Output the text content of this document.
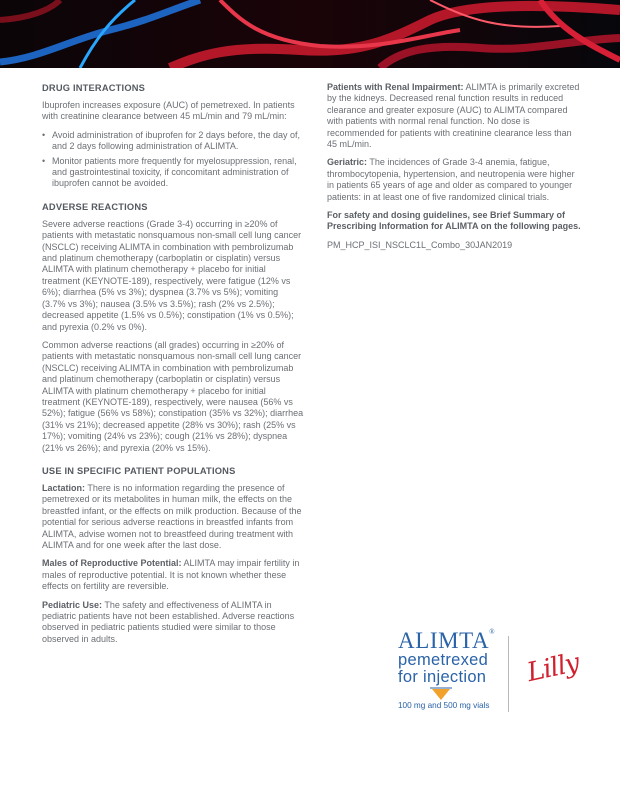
DRUG INTERACTIONS
Ibuprofen increases exposure (AUC) of pemetrexed. In patients with creatinine clearance between 45 mL/min and 79 mL/min:
• Avoid administration of ibuprofen for 2 days before, the day of, and 2 days following administration of ALIMTA.
• Monitor patients more frequently for myelosuppression, renal, and gastrointestinal toxicity, if concomitant administration of ibuprofen cannot be avoided.
ADVERSE REACTIONS
Severe adverse reactions (Grade 3-4) occurring in ≥20% of patients with metastatic nonsquamous non-small cell lung cancer (NSCLC) receiving ALIMTA in combination with pembrolizumab and platinum chemotherapy (carboplatin or cisplatin) versus ALIMTA with platinum chemotherapy + placebo for initial treatment (KEYNOTE-189), respectively, were fatigue (12% vs 6%); diarrhea (5% vs 3%); dyspnea (3.7% vs 5%); vomiting (3.7% vs 3%); nausea (3.5% vs 3.5%); rash (2% vs 2.5%); decreased appetite (1.5% vs 0.5%); constipation (1% vs 0.5%); and pyrexia (0.2% vs 0%).
Common adverse reactions (all grades) occurring in ≥20% of patients with metastatic nonsquamous non-small cell lung cancer (NSCLC) receiving ALIMTA in combination with pembrolizumab and platinum chemotherapy (carboplatin or cisplatin) versus ALIMTA with platinum chemotherapy + placebo for initial treatment (KEYNOTE-189), respectively, were nausea (56% vs 52%); fatigue (56% vs 58%); constipation (35% vs 32%); diarrhea (31% vs 21%); decreased appetite (28% vs 30%); rash (25% vs 17%); vomiting (24% vs 23%); cough (21% vs 28%); dyspnea (21% vs 26%); and pyrexia (20% vs 15%).
USE IN SPECIFIC PATIENT POPULATIONS
Lactation: There is no information regarding the presence of pemetrexed or its metabolites in human milk, the effects on the breastfed infant, or the effects on milk production. Because of the potential for serious adverse reactions in breastfed infants from ALIMTA, advise women not to breastfeed during treatment with ALIMTA and for one week after the last dose.
Males of Reproductive Potential: ALIMTA may impair fertility in males of reproductive potential. It is not known whether these effects on fertility are reversible.
Pediatric Use: The safety and effectiveness of ALIMTA in pediatric patients have not been established. Adverse reactions observed in pediatric patients studied were similar to those observed in adults.
Patients with Renal Impairment: ALIMTA is primarily excreted by the kidneys. Decreased renal function results in reduced clearance and greater exposure (AUC) to ALIMTA compared with patients with normal renal function. No dose is recommended for patients with creatinine clearance less than 45 mL/min.
Geriatric: The incidences of Grade 3-4 anemia, fatigue, thrombocytopenia, hypertension, and neutropenia were higher in patients 65 years of age and older as compared to younger patients: in at least one of five randomized clinical trials.
For safety and dosing guidelines, see Brief Summary of Prescribing Information for ALIMTA on the following pages.
PM_HCP_ISI_NSCLC1L_Combo_30JAN2019
ALIMTA®
pemetrexed
for injection
100 mg and 500 mg vials
Lilly
